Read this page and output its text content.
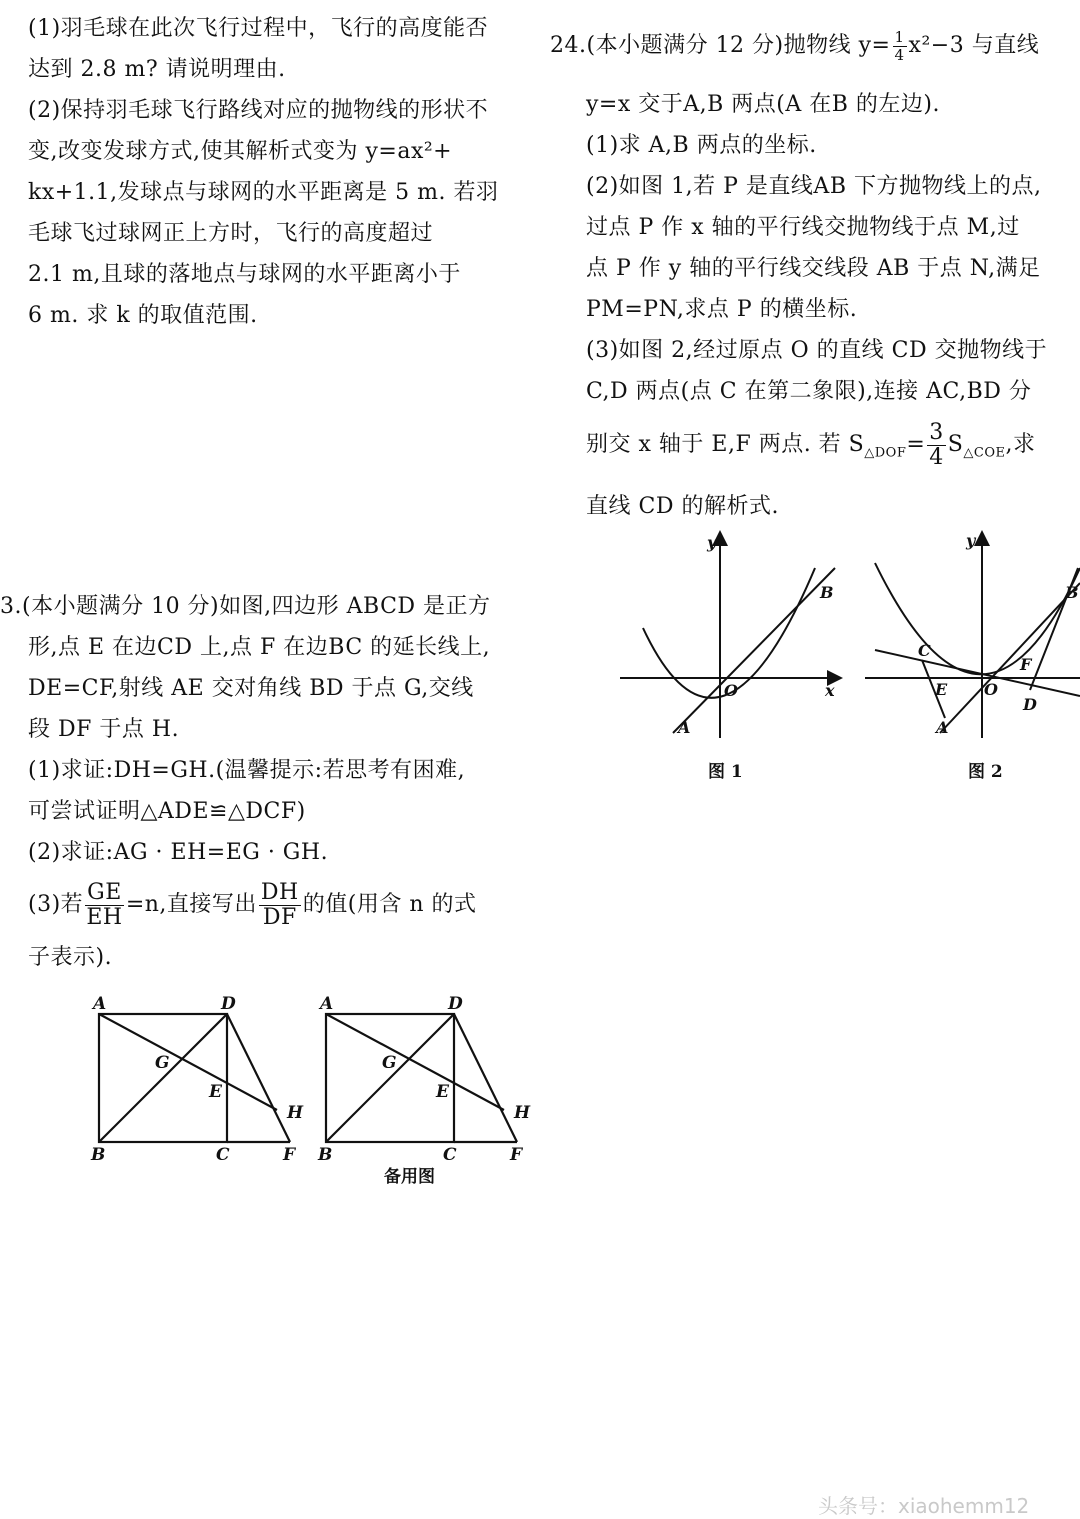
(1)羽毛球在此次飞行过程中，飞行的高度能否

达到 2.8 m? 请说明理由.

(2)保持羽毛球飞行路线对应的抛物线的形状不

变,改变发球方式,使其解析式变为 y=ax²+

kx+1.1,发球点与球网的水平距离是 5 m. 若羽

毛球飞过球网正上方时，飞行的高度超过

2.1 m,且球的落地点与球网的水平距离小于

6 m. 求 k 的取值范围.

3.(本小题满分 10 分)如图,四边形 ABCD 是正方

形,点 E 在边CD 上,点 F 在边BC 的延长线上,

DE=CF,射线 AE 交对角线 BD 于点 G,交线

段 DF 于点 H.

(1)求证:DH=GH.(温馨提示:若思考有困难,

可尝试证明△ADE≌△DCF)

(2)求证:AG · EH=EG · GH.

(3)若 $\frac{GE}{EH} =n$,直接写出 $\frac{DH}{DF}$ 的值(用含 n 的式

子表示).

A	D
G
E
H
B	C	F
A	D
G
E
H
B	C	F
备用图
24.(本小题满分 12 分)抛物线 $y= \frac{1}{4} x^2-3$ 与直线

y=x 交于A,B 两点(A 在B 的左边).

(1)求 A,B 两点的坐标.

(2)如图 1,若 P 是直线AB 下方抛物线上的点,

过点 P 作 x 轴的平行线交抛物线于点 M,过

点 P 作 y 轴的平行线交线段 AB 于点 N,满足

PM=PN,求点 P 的横坐标.

(3)如图 2,经过原点 O 的直线 CD 交抛物线于

C,D 两点(点 C 在第二象限),连接 AC,BD 分

别交 x 轴于 E,F 两点. 若 $S_{\triangle DOF}= \frac{3}{4} S_{\triangle COE}$,求

直线 CD 的解析式.

y
B
O	x
A
图 1
y
C
F
E O
D
A
B
图 2
头条号：xiaohemm12
